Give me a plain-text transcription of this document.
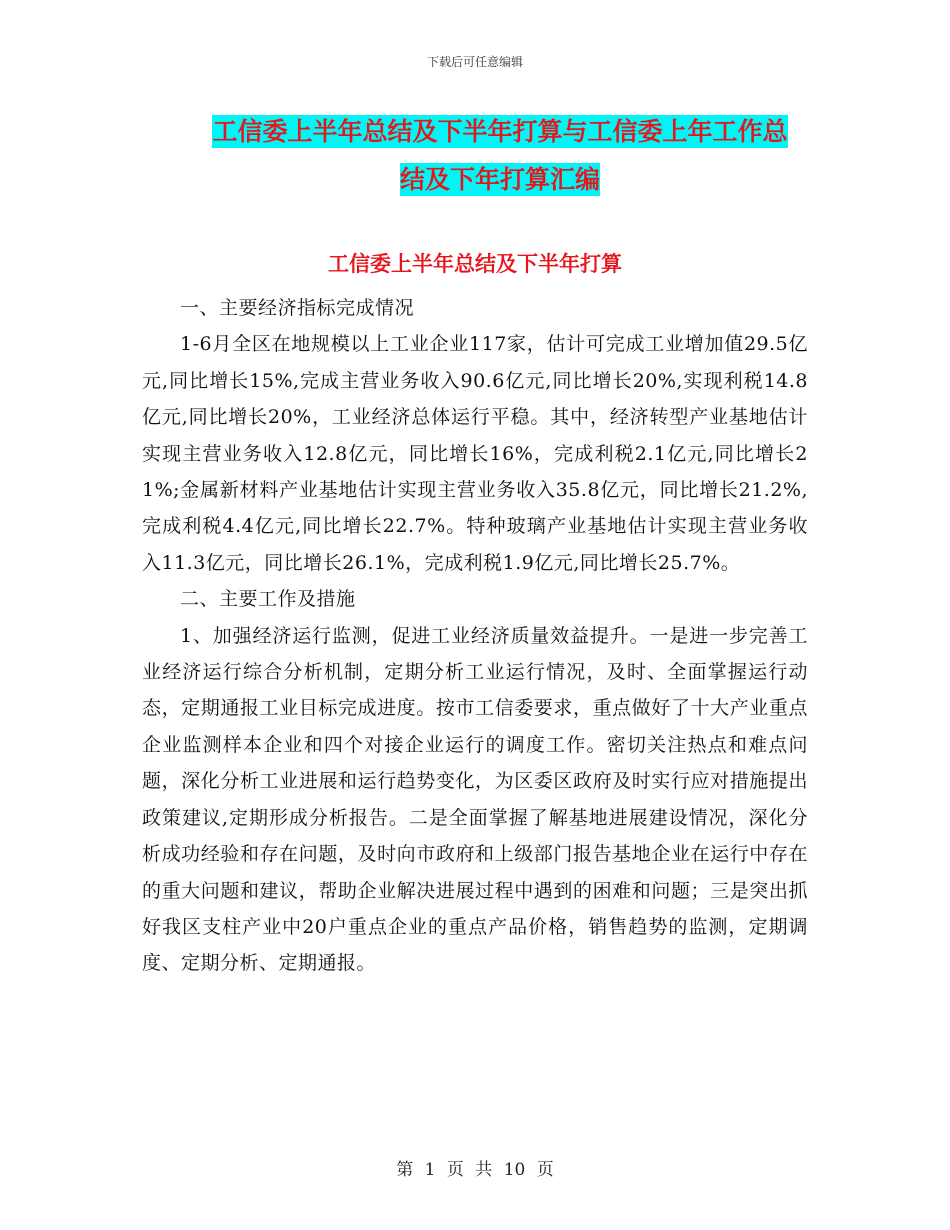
下载后可任意编辑
工信委上半年总结及下半年打算与工信委上年工作总
结及下年打算汇编
工信委上半年总结及下半年打算

一、主要经济指标完成情况

1-6月全区在地规模以上工业企业117家，估计可完成工业增加值29.5亿元,同比增长15%,完成主营业务收入90.6亿元,同比增长20%,实现利税14.8亿元,同比增长20%，工业经济总体运行平稳。其中，经济转型产业基地估计实现主营业务收入12.8亿元，同比增长16%，完成利税2.1亿元,同比增长21%;金属新材料产业基地估计实现主营业务收入35.8亿元，同比增长21.2%,完成利税4.4亿元,同比增长22.7%。特种玻璃产业基地估计实现主营业务收入11.3亿元，同比增长26.1%，完成利税1.9亿元,同比增长25.7%。

二、主要工作及措施

1、加强经济运行监测，促进工业经济质量效益提升。一是进一步完善工业经济运行综合分析机制，定期分析工业运行情况，及时、全面掌握运行动态，定期通报工业目标完成进度。按市工信委要求，重点做好了十大产业重点企业监测样本企业和四个对接企业运行的调度工作。密切关注热点和难点问题，深化分析工业进展和运行趋势变化，为区委区政府及时实行应对措施提出政策建议,定期形成分析报告。二是全面掌握了解基地进展建设情况，深化分析成功经验和存在问题，及时向市政府和上级部门报告基地企业在运行中存在的重大问题和建议，帮助企业解决进展过程中遇到的困难和问题；三是突出抓好我区支柱产业中20户重点企业的重点产品价格，销售趋势的监测，定期调度、定期分析、定期通报。

第 1 页 共 10 页
